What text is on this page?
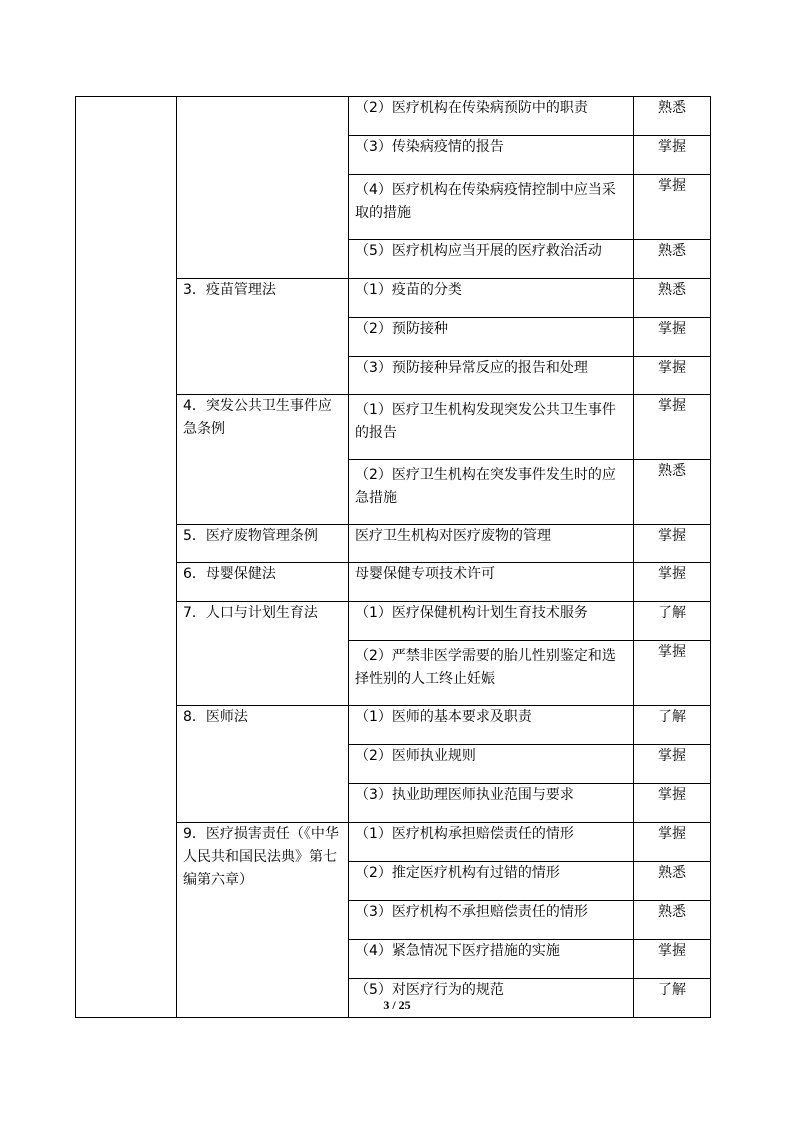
		（2）医疗机构在传染病预防中的职责	熟悉
		（3）传染病疫情的报告	掌握
		（4）医疗机构在传染病疫情控制中应当采取的措施	掌握
		（5）医疗机构应当开展的医疗救治活动	熟悉
	3．疫苗管理法	（1）疫苗的分类	熟悉
		（2）预防接种	掌握
		（3）预防接种异常反应的报告和处理	掌握
	4．突发公共卫生事件应急条例	（1）医疗卫生机构发现突发公共卫生事件的报告	掌握
		（2）医疗卫生机构在突发事件发生时的应急措施	熟悉
	5．医疗废物管理条例	医疗卫生机构对医疗废物的管理	掌握
	6．母婴保健法	母婴保健专项技术许可	掌握
	7．人口与计划生育法	（1）医疗保健机构计划生育技术服务	了解
		（2）严禁非医学需要的胎儿性别鉴定和选择性别的人工终止妊娠	掌握
	8．医师法	（1）医师的基本要求及职责	了解
		（2）医师执业规则	掌握
		（3）执业助理医师执业范围与要求	掌握
	9．医疗损害责任（《中华人民共和国民法典》第七编第六章）	（1）医疗机构承担赔偿责任的情形	掌握
		（2）推定医疗机构有过错的情形	熟悉
		（3）医疗机构不承担赔偿责任的情形	熟悉
		（4）紧急情况下医疗措施的实施	掌握
		（5）对医疗行为的规范	了解
3 / 25
